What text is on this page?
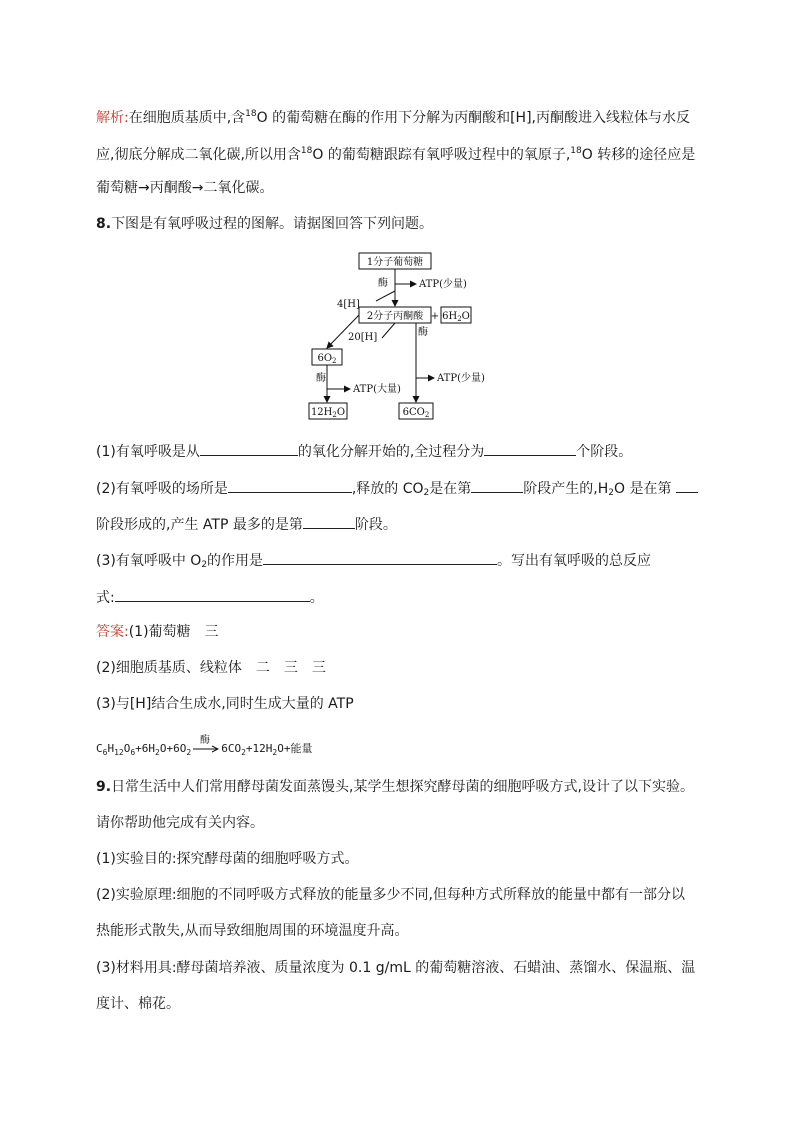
解析:在细胞质基质中,含$^{18}$O 的葡萄糖在酶的作用下分解为丙酮酸和[H],丙酮酸进入线粒体与水反
应,彻底分解成二氧化碳,所以用含$^{18}$O 的葡萄糖跟踪有氧呼吸过程中的氧原子,$^{18}$O 转移的途径应是
葡萄糖→丙酮酸→二氧化碳。
8.下图是有氧呼吸过程的图解。请据图回答下列问题。
1分子葡萄糖
2分子丙酮酸 + $6H_2O$
$6O_2$
$12H_2O$	$6CO_2$
酶	ATP(少量)
4[H]
20[H]	酶
ATP(少量)
酶
ATP(大量)
(1)有氧呼吸是从	的氧化分解开始的,全过程分为	个阶段。
(2)有氧呼吸的场所是	,释放的 $CO_2$是在第	阶段产生的$,H_2O$ 是在第
阶段形成的,产生 ATP 最多的是第	阶段。
(3)有氧呼吸中 $O_2$的作用是	。写出有氧呼吸的总反应
式:	。
答案:(1)葡萄糖　三
(2)细胞质基质、线粒体　二　三　三
(3)与[H]结合生成水,同时生成大量的 ATP
酶
$C_6H_{12}O_6+6H_2O+6O_2$	$6CO_2+12H_2O+$能量
9.日常生活中人们常用酵母菌发面蒸馒头,某学生想探究酵母菌的细胞呼吸方式,设计了以下实验。
请你帮助他完成有关内容。
(1)实验目的:探究酵母菌的细胞呼吸方式。
(2)实验原理:细胞的不同呼吸方式释放的能量多少不同,但每种方式所释放的能量中都有一部分以
热能形式散失,从而导致细胞周围的环境温度升高。
(3)材料用具:酵母菌培养液、质量浓度为 0.1 g/mL 的葡萄糖溶液、石蜡油、蒸馏水、保温瓶、温
度计、棉花。
